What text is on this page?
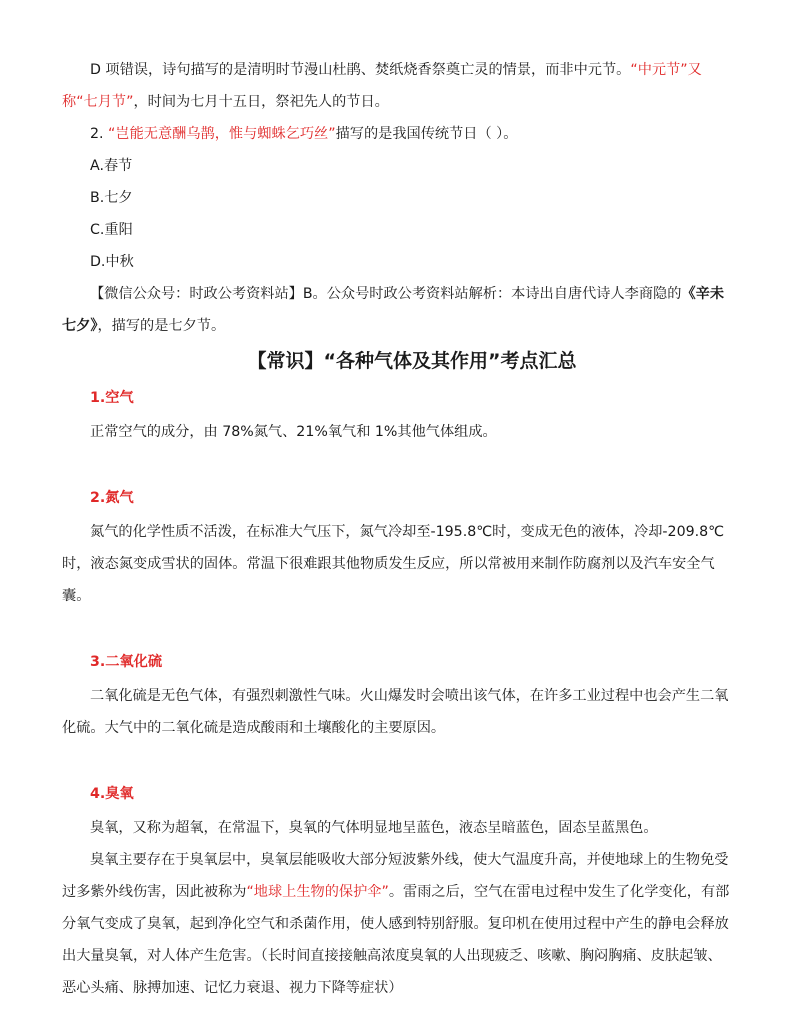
D 项错误，诗句描写的是清明时节漫山杜鹃、焚纸烧香祭奠亡灵的情景，而非中元节。“中元节”又称“七月节”，时间为七月十五日，祭祀先人的节日。

2. “岂能无意酬乌鹊，惟与蜘蛛乞巧丝”描写的是我国传统节日（ ）。

A.春节

B.七夕

C.重阳

D.中秋

【微信公众号：时政公考资料站】B。公众号时政公考资料站解析：本诗出自唐代诗人李商隐的《辛未七夕》，描写的是七夕节。

【常识】“各种气体及其作用”考点汇总
1.空气

正常空气的成分，由 78%氮气、21%氧气和 1%其他气体组成。

2.氮气

氮气的化学性质不活泼，在标准大气压下，氮气冷却至-195.8℃时，变成无色的液体，冷却-209.8℃时，液态氮变成雪状的固体。常温下很难跟其他物质发生反应，所以常被用来制作防腐剂以及汽车安全气囊。

3.二氧化硫

二氧化硫是无色气体，有强烈刺激性气味。火山爆发时会喷出该气体，在许多工业过程中也会产生二氧化硫。大气中的二氧化硫是造成酸雨和土壤酸化的主要原因。

4.臭氧

臭氧，又称为超氧，在常温下，臭氧的气体明显地呈蓝色，液态呈暗蓝色，固态呈蓝黑色。

臭氧主要存在于臭氧层中，臭氧层能吸收大部分短波紫外线，使大气温度升高，并使地球上的生物免受过多紫外线伤害，因此被称为“地球上生物的保护伞”。雷雨之后，空气在雷电过程中发生了化学变化，有部分氧气变成了臭氧，起到净化空气和杀菌作用，使人感到特别舒服。复印机在使用过程中产生的静电会释放出大量臭氧，对人体产生危害。（长时间直接接触高浓度臭氧的人出现疲乏、咳嗽、胸闷胸痛、皮肤起皱、恶心头痛、脉搏加速、记忆力衰退、视力下降等症状）
